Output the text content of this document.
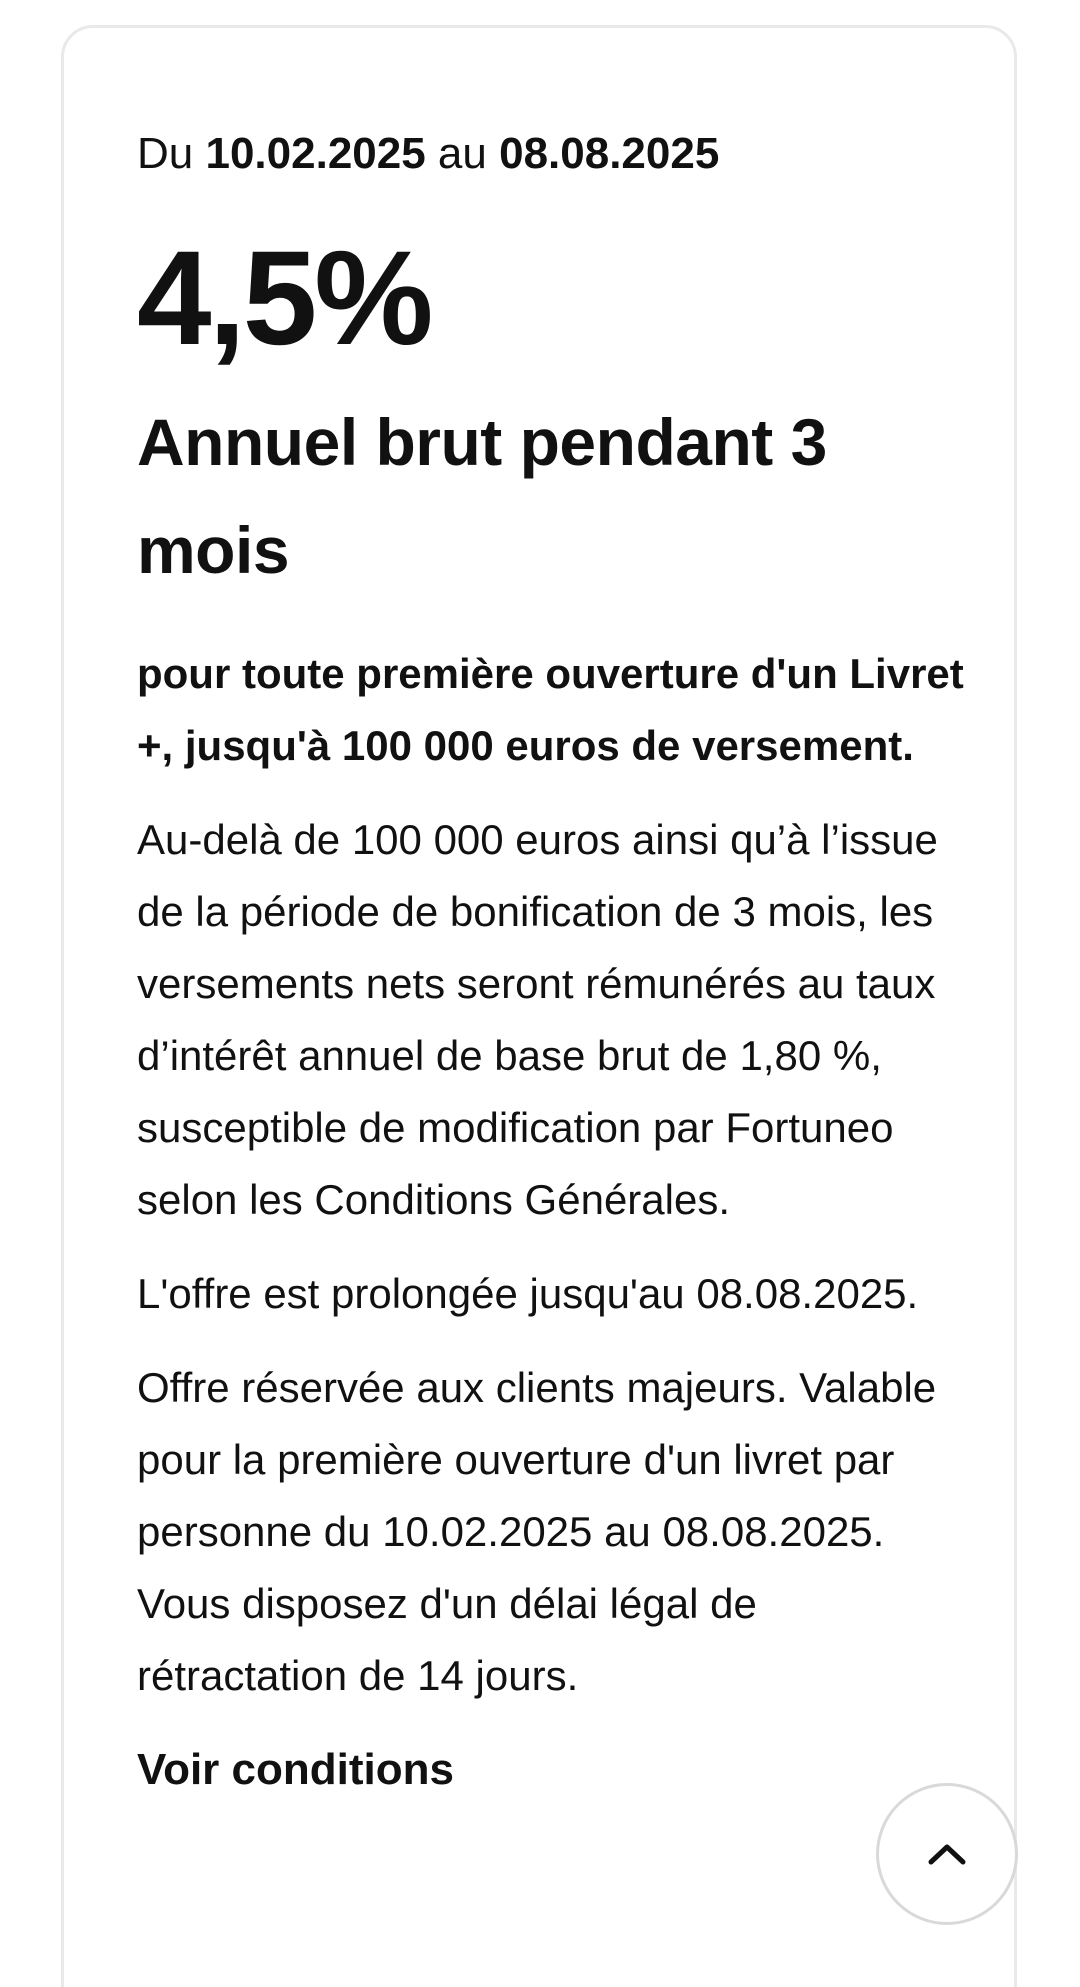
Du 10.02.2025 au 08.08.2025

4,5%
Annuel brut pendant 3 mois

pour toute première ouverture d'un Livret +, jusqu'à 100 000 euros de versement.

Au-delà de 100 000 euros ainsi qu’à l’issue de la période de bonification de 3 mois, les versements nets seront rémunérés au taux d’intérêt annuel de base brut de 1,80 %, susceptible de modification par Fortuneo selon les Conditions Générales.

L'offre est prolongée jusqu'au 08.08.2025.

Offre réservée aux clients majeurs. Valable pour la première ouverture d'un livret par personne du 10.02.2025 au 08.08.2025. Vous disposez d'un délai légal de rétractation de 14 jours.

Voir conditions
